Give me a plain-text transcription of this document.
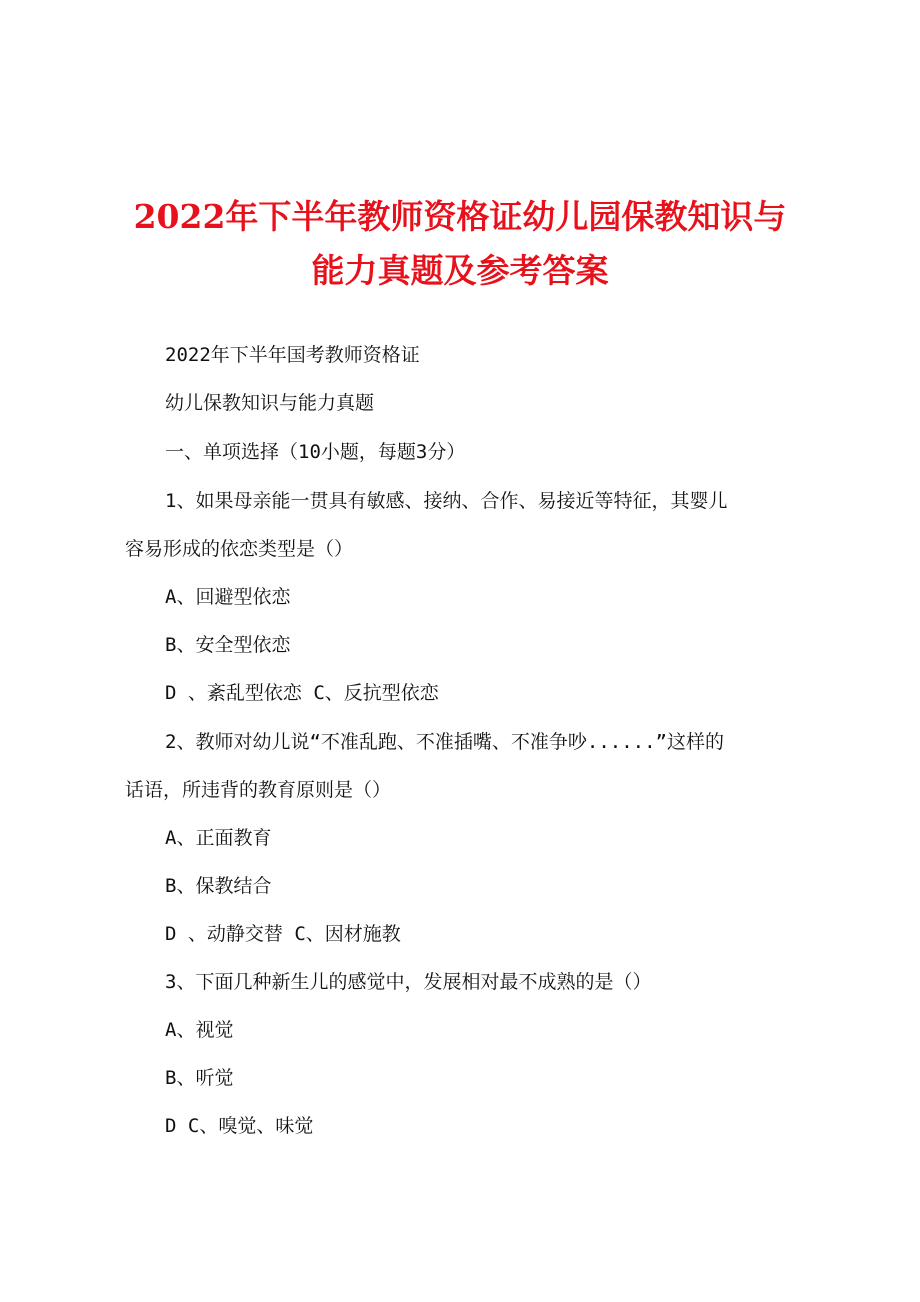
2022年下半年教师资格证幼儿园保教知识与
能力真题及参考答案

2022年下半年国考教师资格证

幼儿保教知识与能力真题

一、单项选择（10小题，每题3分）

1、如果母亲能一贯具有敏感、接纳、合作、易接近等特征，其婴儿

容易形成的依恋类型是（）

A、回避型依恋

B、安全型依恋

D 、紊乱型依恋 C、反抗型依恋

2、教师对幼儿说“不准乱跑、不准插嘴、不准争吵......”这样的

话语，所违背的教育原则是（）

A、正面教育

B、保教结合

D 、动静交替 C、因材施教

3、下面几种新生儿的感觉中，发展相对最不成熟的是（）

A、视觉

B、听觉

D C、嗅觉、味觉
